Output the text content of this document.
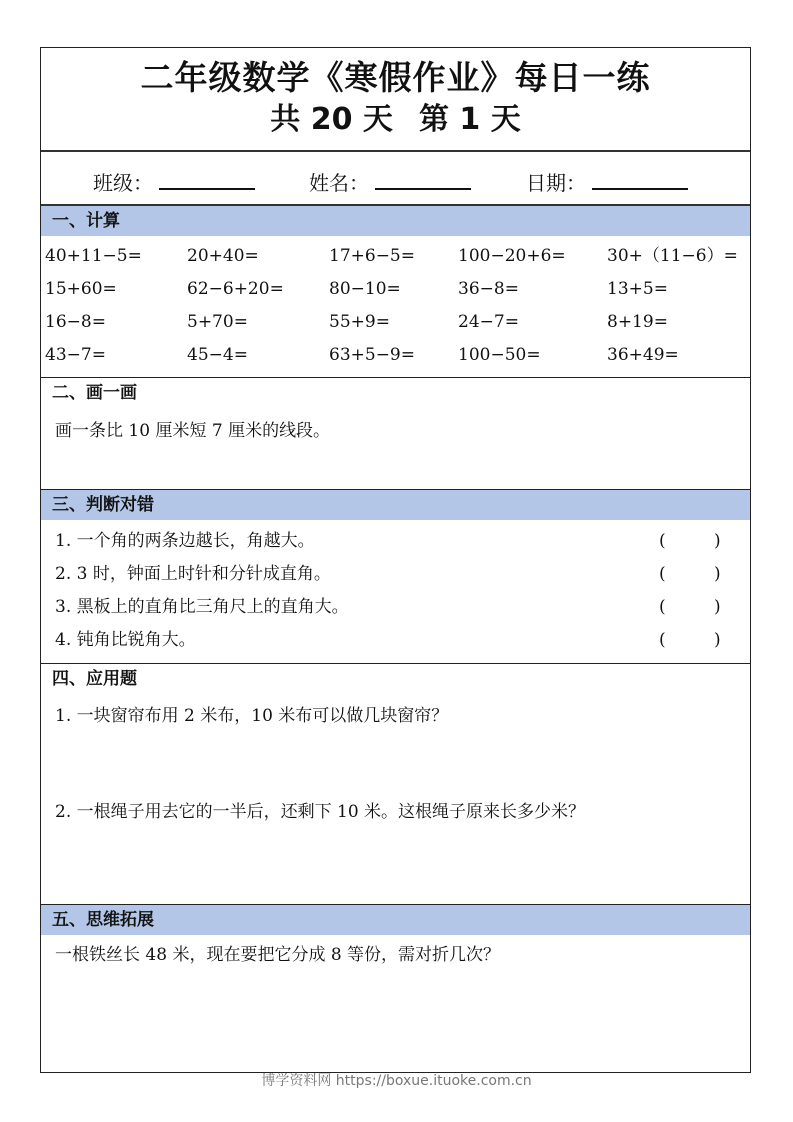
二年级数学《寒假作业》每日一练
共 20 天 第 1 天
班级：	姓名：	日期：
一、计算
40+11−5=	20+40=	17+6−5=	100−20+6= 30+（11−6）=
15+60=	62−6+20=	80−10=	36−8=	13+5=
16−8=	5+70=	55+9=	24−7=	8+19=
43−7=	45−4=	63+5−9=	100−50=	36+49=
二、画一画
画一条比 10 厘米短 7 厘米的线段。
三、判断对错
1. 一个角的两条边越长，角越大。	(	)
2. 3 时，钟面上时针和分针成直角。	(	)
3. 黑板上的直角比三角尺上的直角大。	(	)
4. 钝角比锐角大。	(	)
四、应用题
1. 一块窗帘布用 2 米布，10 米布可以做几块窗帘？
2. 一根绳子用去它的一半后，还剩下 10 米。这根绳子原来长多少米？
五、思维拓展
一根铁丝长 48 米，现在要把它分成 8 等份，需对折几次？
博学资料网 https://boxue.ituoke.com.cn
